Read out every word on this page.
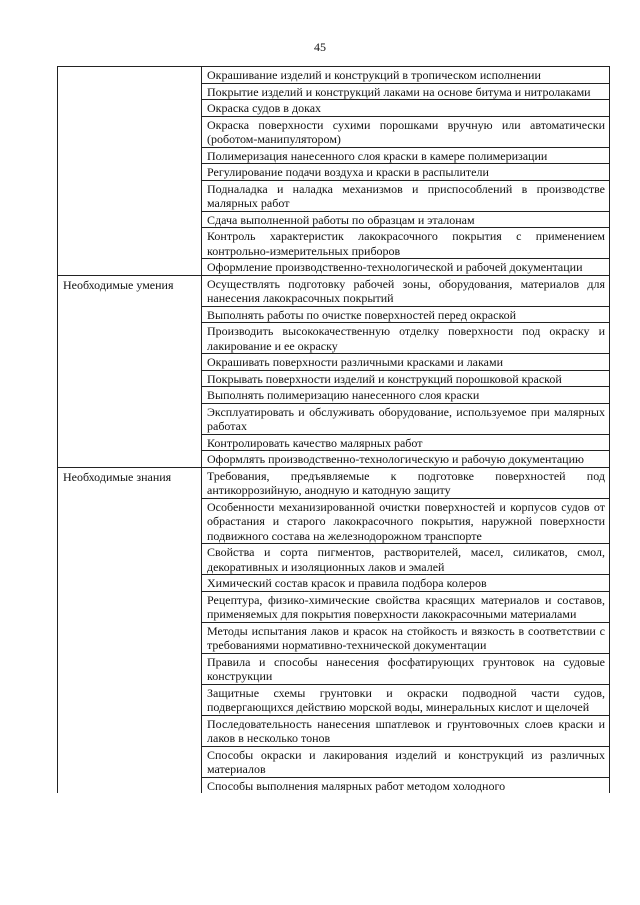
45
	Окрашивание изделий и конструкций в тропическом исполнении
	Покрытие изделий и конструкций лаками на основе битума и нитролаками
	Окраска судов в доках
	Окраска поверхности сухими порошками вручную или автоматически (роботом-манипулятором)
	Полимеризация нанесенного слоя краски в камере полимеризации
	Регулирование подачи воздуха и краски в распылители
	Подналадка и наладка механизмов и приспособлений в производстве малярных работ
	Сдача выполненной работы по образцам и эталонам
	Контроль характеристик лакокрасочного покрытия с применением контрольно-измерительных приборов
	Оформление производственно-технологической и рабочей документации
Необходимые умения	Осуществлять подготовку рабочей зоны, оборудования, материалов для нанесения лакокрасочных покрытий
	Выполнять работы по очистке поверхностей перед окраской
	Производить высококачественную отделку поверхности под окраску и лакирование и ее окраску
	Окрашивать поверхности различными красками и лаками
	Покрывать поверхности изделий и конструкций порошковой краской
	Выполнять полимеризацию нанесенного слоя краски
	Эксплуатировать и обслуживать оборудование, используемое при малярных работах
	Контролировать качество малярных работ
	Оформлять производственно-технологическую и рабочую документацию
Необходимые знания	Требования, предъявляемые к подготовке поверхностей под антикоррозийную, анодную и катодную защиту
	Особенности механизированной очистки поверхностей и корпусов судов от обрастания и старого лакокрасочного покрытия, наружной поверхности подвижного состава на железнодорожном транспорте
	Свойства и сорта пигментов, растворителей, масел, силикатов, смол, декоративных и изоляционных лаков и эмалей
	Химический состав красок и правила подбора колеров
	Рецептура, физико-химические свойства красящих материалов и составов, применяемых для покрытия поверхности лакокрасочными материалами
	Методы испытания лаков и красок на стойкость и вязкость в соответствии с требованиями нормативно-технической документации
	Правила и способы нанесения фосфатирующих грунтовок на судовые конструкции
	Защитные схемы грунтовки и окраски подводной части судов, подвергающихся действию морской воды, минеральных кислот и щелочей
	Последовательность нанесения шпатлевок и грунтовочных слоев краски и лаков в несколько тонов
	Способы окраски и лакирования изделий и конструкций из различных материалов
	Способы выполнения малярных работ методом холодного
